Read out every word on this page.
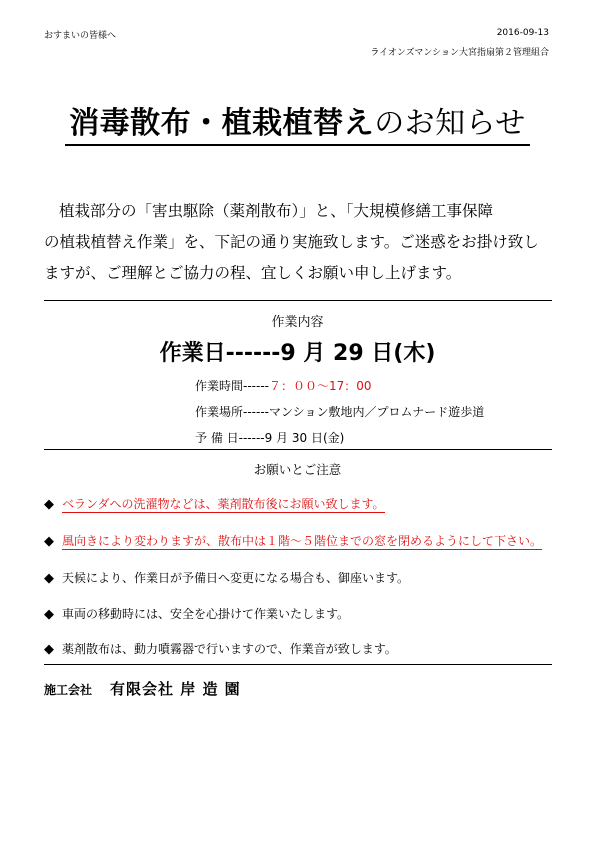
おすまいの皆様へ	2016-09-13
ライオンズマンション大宮指扇第２管理組合
消毒散布・植栽植替えのお知らせ

植栽部分の「害虫駆除（薬剤散布）」と、「大規模修繕工事保障

の植栽植替え作業」を、下記の通り実施致します。ご迷惑をお掛け致し

ますが、ご理解とご協力の程、宜しくお願い申し上げます。

作業内容
作業日------9 月 29 日(木)
作業時間------７：００～17：00
作業場所------マンション敷地内／プロムナード遊歩道
予 備 日------9 月 30 日(金)
お願いとご注意
◆ ベランダへの洗濯物などは、薬剤散布後にお願い致します。
◆ 風向きにより変わりますが、散布中は１階～５階位までの窓を閉めるようにして下さい。
◆ 天候により、作業日が予備日へ変更になる場合も、御座います。
◆ 車両の移動時には、安全を心掛けて作業いたします。
◆ 薬剤散布は、動力噴霧器で行いますので、作業音が致します。
施工会社 有限会社 岸 造 園
